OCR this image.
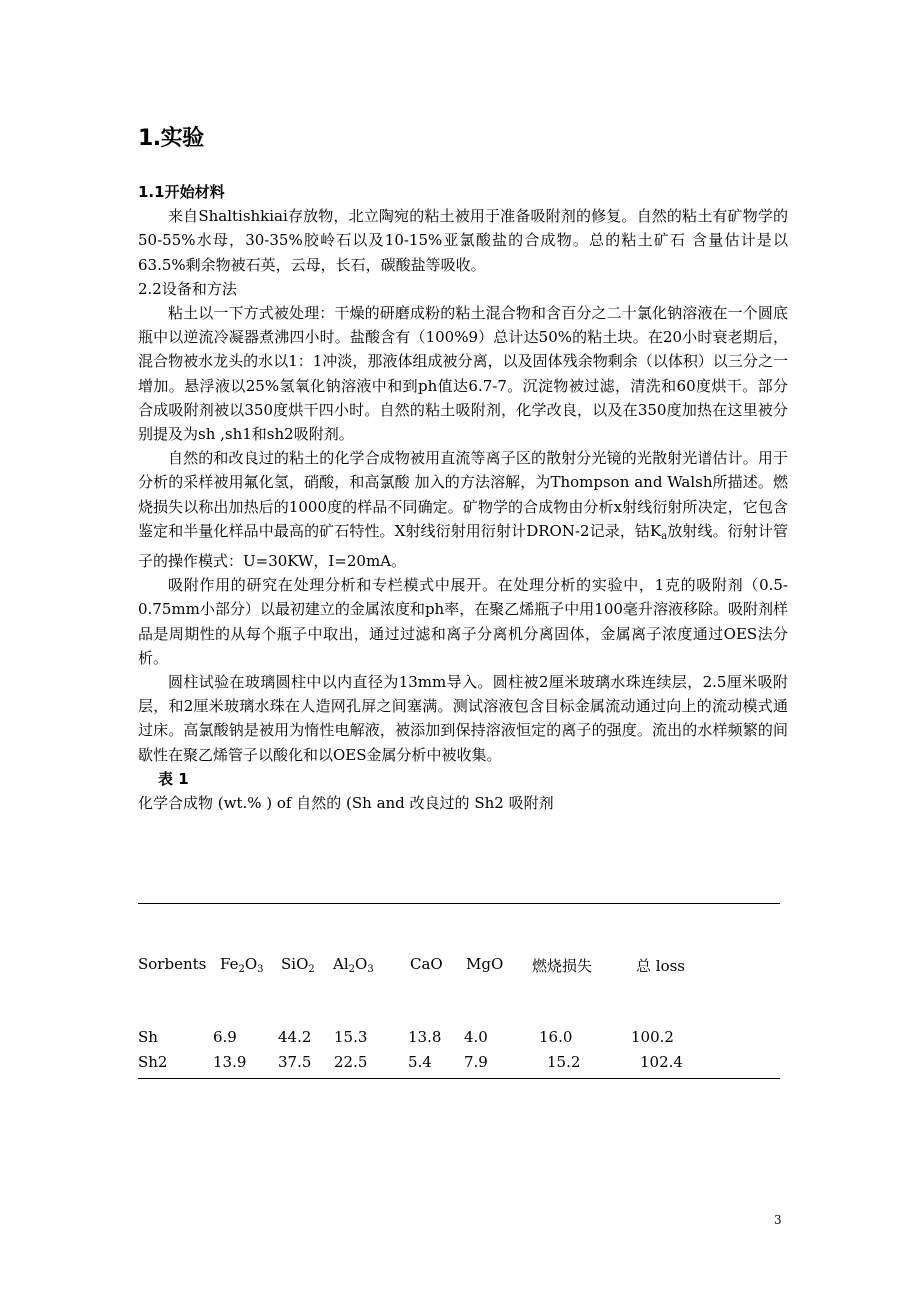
1.实验

1.1开始材料

来自Shaltishkiai存放物，北立陶宛的粘土被用于准备吸附剂的修复。自然的粘土有矿物学的50-55%水母，30-35%胶岭石以及10-15%亚氯酸盐的合成物。总的粘土矿石 含量估计是以63.5%剩余物被石英，云母，长石，碳酸盐等吸收。

2.2设备和方法

粘土以一下方式被处理：干燥的研磨成粉的粘土混合物和含百分之二十氯化钠溶液在一个圆底瓶中以逆流冷凝器煮沸四小时。盐酸含有（100%9）总计达50%的粘土块。在20小时衰老期后，混合物被水龙头的水以1：1冲淡，那液体组成被分离，以及固体残余物剩余（以体积）以三分之一增加。悬浮液以25%氢氧化钠溶液中和到ph值达6.7-7。沉淀物被过滤，清洗和60度烘干。部分合成吸附剂被以350度烘干四小时。自然的粘土吸附剂，化学改良，以及在350度加热在这里被分别提及为sh ,sh1和sh2吸附剂。

自然的和改良过的粘土的化学合成物被用直流等离子区的散射分光镜的光散射光谱估计。用于分析的采样被用氟化氢，硝酸，和高氯酸 加入的方法溶解，为Thompson and Walsh所描述。燃烧损失以称出加热后的1000度的样品不同确定。矿物学的合成物由分析x射线衍射所决定，它包含鉴定和半量化样品中最高的矿石特性。X射线衍射用衍射计DRON-2记录，钴$K_a$放射线。衍射计管子的操作模式：U=30KW，I=20mA。

吸附作用的研究在处理分析和专栏模式中展开。在处理分析的实验中，1克的吸附剂（0.5-0.75mm小部分）以最初建立的金属浓度和ph率，在聚乙烯瓶子中用100毫升溶液移除。吸附剂样品是周期性的从每个瓶子中取出，通过过滤和离子分离机分离固体，金属离子浓度通过OES法分析。

圆柱试验在玻璃圆柱中以内直径为13mm导入。圆柱被2厘米玻璃水珠连续层，2.5厘米吸附层，和2厘米玻璃水珠在人造网孔屏之间塞满。测试溶液包含目标金属流动通过向上的流动模式通过床。高氯酸钠是被用为惰性电解液，被添加到保持溶液恒定的离子的强度。流出的水样频繁的间歇性在聚乙烯管子以酸化和以OES金属分析中被收集。

表 1

化学合成物 (wt.% ) of 自然的 (Sh and 改良过的 Sh2 吸附剂

Sorbents $Fe_2O_3$ SiO$_2$ $Al_2O_3$ CaO MgO 燃烧损失	总 loss
Sh	6.9	44.2 15.3	13.8 4.0	16.0	100.2
Sh2	13.9 37.5 22.5	5.4 7.9	15.2	102.4
3
